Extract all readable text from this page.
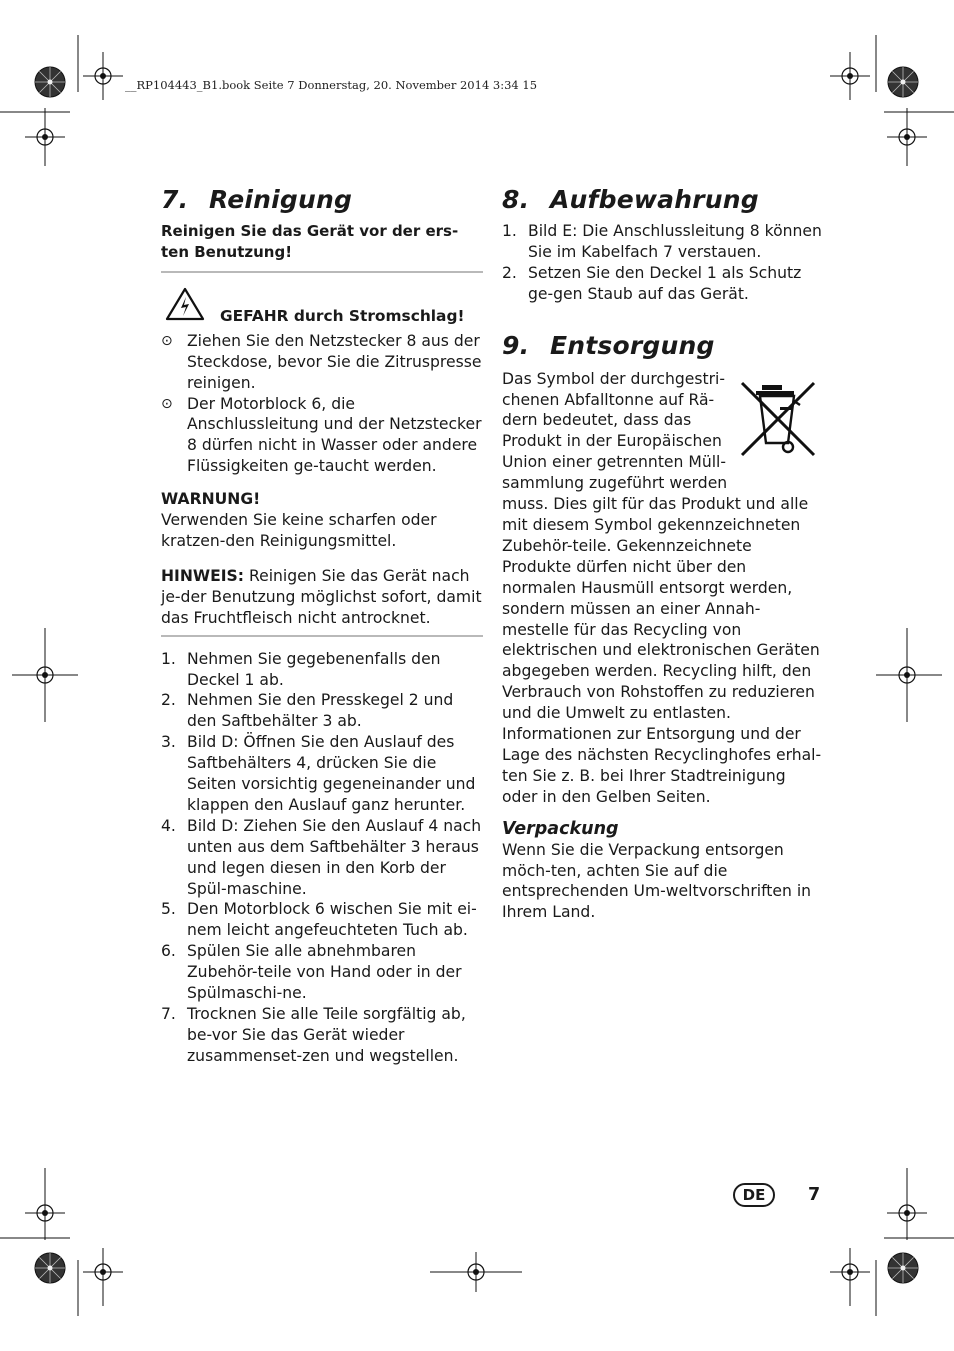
__RP104443_B1.book Seite 7 Donnerstag, 20. November 2014 3:34 15
7. Reinigung
Reinigen Sie das Gerät vor der ers-ten Benutzung!
GEFAHR durch Stromschlag!
⊙ Ziehen Sie den Netzstecker 8 aus der Steckdose, bevor Sie die Zitruspresse reinigen.
⊙ Der Motorblock 6, die Anschlussleitung und der Netzstecker 8 dürfen nicht in Wasser oder andere Flüssigkeiten ge-taucht werden.

WARNUNG!

Verwenden Sie keine scharfen oder kratzen-den Reinigungsmittel.

HINWEIS: Reinigen Sie das Gerät nach je-der Benutzung möglichst sofort, damit das Fruchtfleisch nicht antrocknet.

1. Nehmen Sie gegebenenfalls den Deckel 1 ab.
2. Nehmen Sie den Presskegel 2 und den Saftbehälter 3 ab.
3. Bild D: Öffnen Sie den Auslauf des Saftbehälters 4, drücken Sie die Seiten vorsichtig gegeneinander und klappen den Auslauf ganz herunter.
4. Bild D: Ziehen Sie den Auslauf 4 nach unten aus dem Saftbehälter 3 heraus und legen diesen in den Korb der Spül-maschine.
5. Den Motorblock 6 wischen Sie mit ei-nem leicht angefeuchteten Tuch ab.
6. Spülen Sie alle abnehmbaren Zubehör-teile von Hand oder in der Spülmaschi-ne.
7. Trocknen Sie alle Teile sorgfältig ab, be-vor Sie das Gerät wieder zusammenset-zen und wegstellen.
8. Aufbewahrung
1. Bild E: Die Anschlussleitung 8 können Sie im Kabelfach 7 verstauen.
2. Setzen Sie den Deckel 1 als Schutz ge-gen Staub auf das Gerät.
9. Entsorgung
Das Symbol der durchgestri-
chenen Abfalltonne auf Rä-
dern bedeutet, dass das
Produkt in der Europäischen
Union einer getrennten Müll-
sammlung zugeführt werden

muss. Dies gilt für das Produkt und alle mit diesem Symbol gekennzeichneten Zubehör-teile. Gekennzeichnete Produkte dürfen nicht über den normalen Hausmüll entsorgt werden, sondern müssen an einer Annah-mestelle für das Recycling von elektrischen und elektronischen Geräten abgegeben werden. Recycling hilft, den Verbrauch von Rohstoffen zu reduzieren und die Umwelt zu entlasten. Informationen zur Entsorgung und der Lage des nächsten Recyclinghofes erhal-ten Sie z. B. bei Ihrer Stadtreinigung oder in den Gelben Seiten.

Verpackung

Wenn Sie die Verpackung entsorgen möch-ten, achten Sie auf die entsprechenden Um-weltvorschriften in Ihrem Land.

DE	7
